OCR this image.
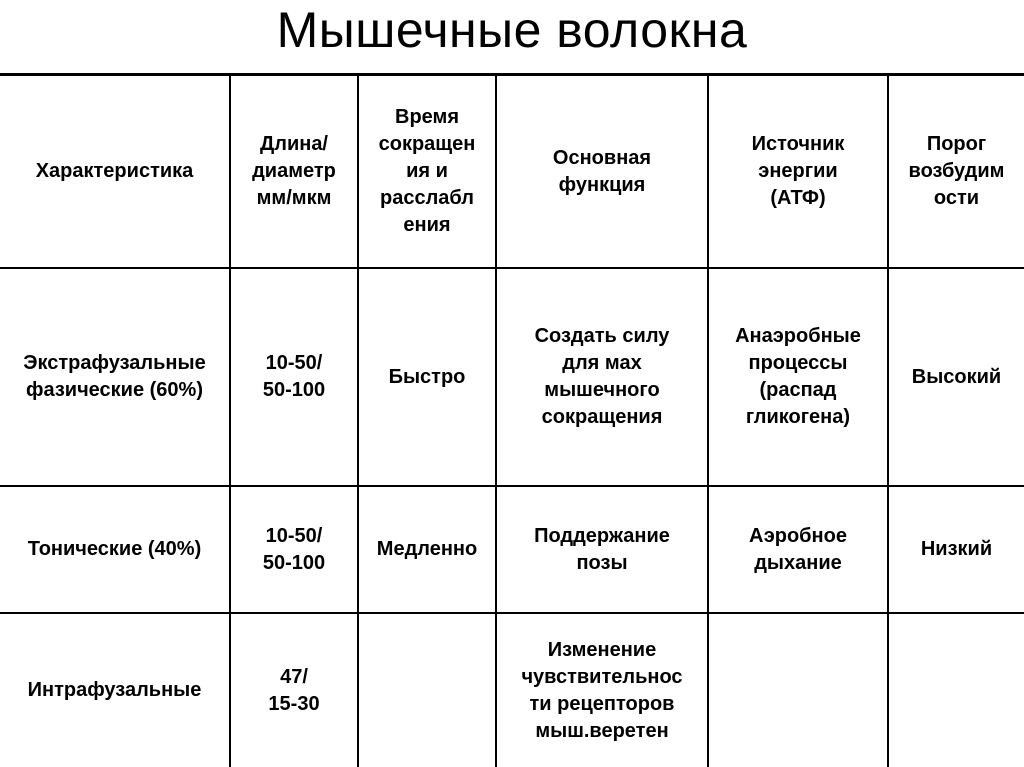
Мышечные волокна
Характеристика
Длина/
диаметр
мм/мкм
Время
сокращен
ия и
расслабл
ения
Основная
функция
Источник
энергии
(АТФ)
Порог
возбудим
ости
Экстрафузальные
фазические (60%)
10-50/
50-100
Быстро
Создать силу
для мах
мышечного
сокращения
Анаэробные
процессы
(распад
гликогена)
Высокий
Тонические (40%)
10-50/
50-100
Медленно
Поддержание
позы
Аэробное
дыхание
Низкий
Интрафузальные
47/
15-30
Изменение
чувствительнос
ти рецепторов
мыш.веретен
